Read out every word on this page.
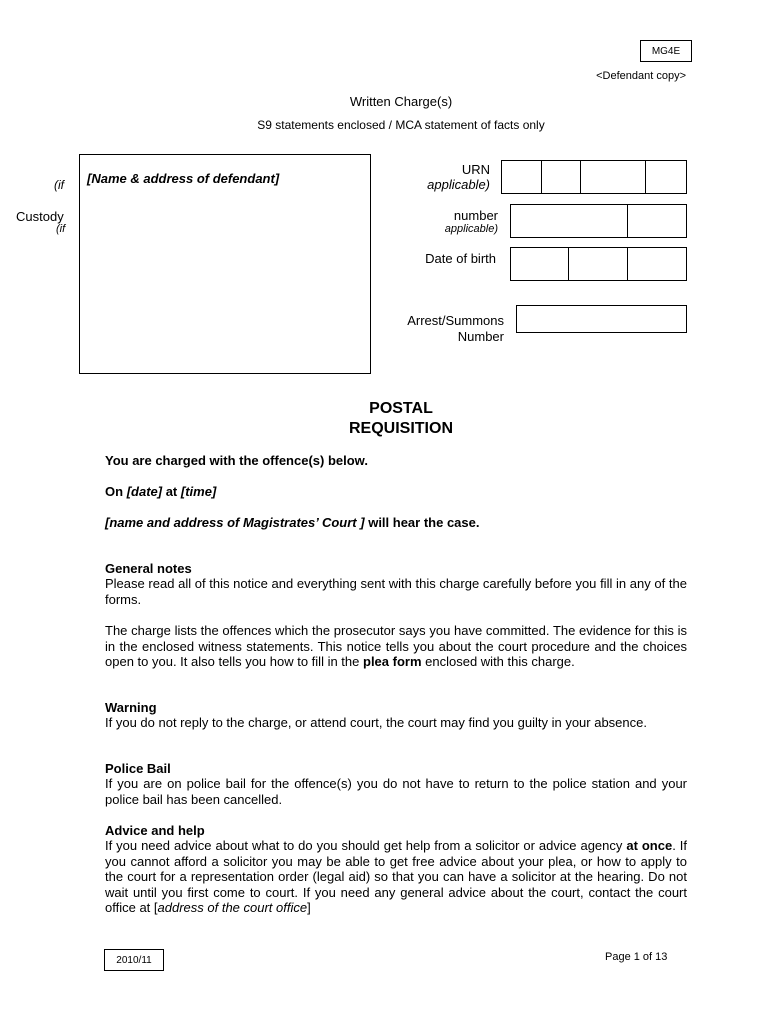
MG4E
<Defendant copy>
Written Charge(s)
S9 statements enclosed / MCA statement of facts only
(if
Custody
(if
[Name & address of defendant]
URN
applicable)
number
applicable)
Date of birth
Arrest/Summons
Number
POSTAL
REQUISITION
You are charged with the offence(s) below.
On [date] at [time]
[name and address of Magistrates’ Court ] will hear the case.
General notes
Please read all of this notice and everything sent with this charge carefully before you fill in any of the forms.
The charge lists the offences which the prosecutor says you have committed. The evidence for this is in the enclosed witness statements. This notice tells you about the court procedure and the choices open to you. It also tells you how to fill in the plea form enclosed with this charge.
Warning
If you do not reply to the charge, or attend court, the court may find you guilty in your absence.
Police Bail
If you are on police bail for the offence(s) you do not have to return to the police station and your police bail has been cancelled.
Advice and help
If you need advice about what to do you should get help from a solicitor or advice agency at once. If you cannot afford a solicitor you may be able to get free advice about your plea, or how to apply to the court for a representation order (legal aid) so that you can have a solicitor at the hearing. Do not wait until you first come to court. If you need any general advice about the court, contact the court office at [address of the court office]
2010/11	Page 1 of 13
